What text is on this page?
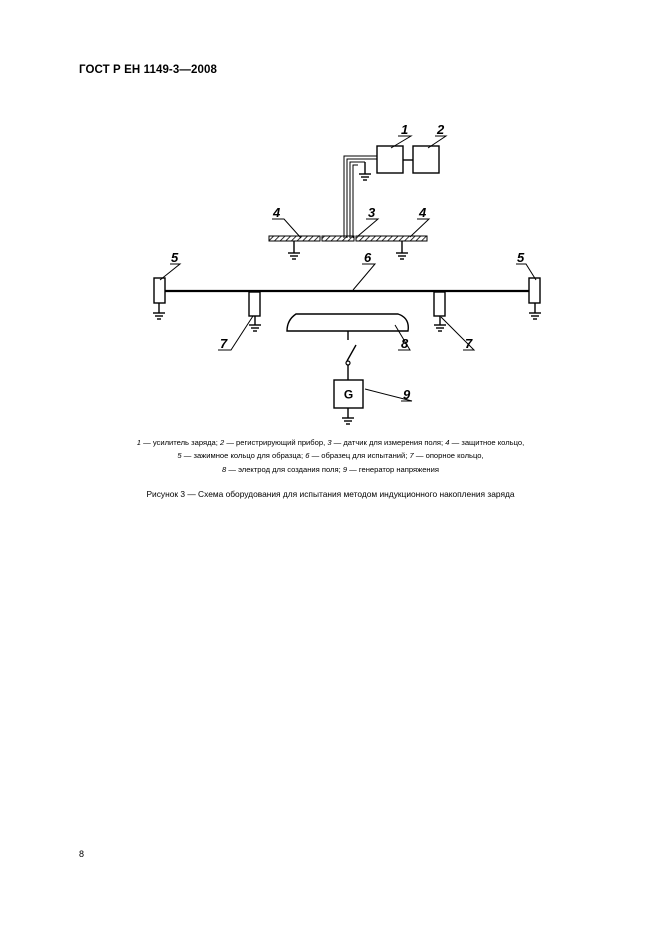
ГОСТ Р ЕН 1149-3—2008
G
1 2
4	3	4
5	6	5
7	8	7
9
1 — усилитель заряда; 2 — регистрирующий прибор, 3 — датчик для измерения поля; 4 — защитное кольцо,
5 — зажимное кольцо для образца; 6 — образец для испытаний; 7 — опорное кольцо,
8 — электрод для создания поля; 9 — генератор напряжения
Рисунок 3 — Схема оборудования для испытания методом индукционного накопления заряда
8
